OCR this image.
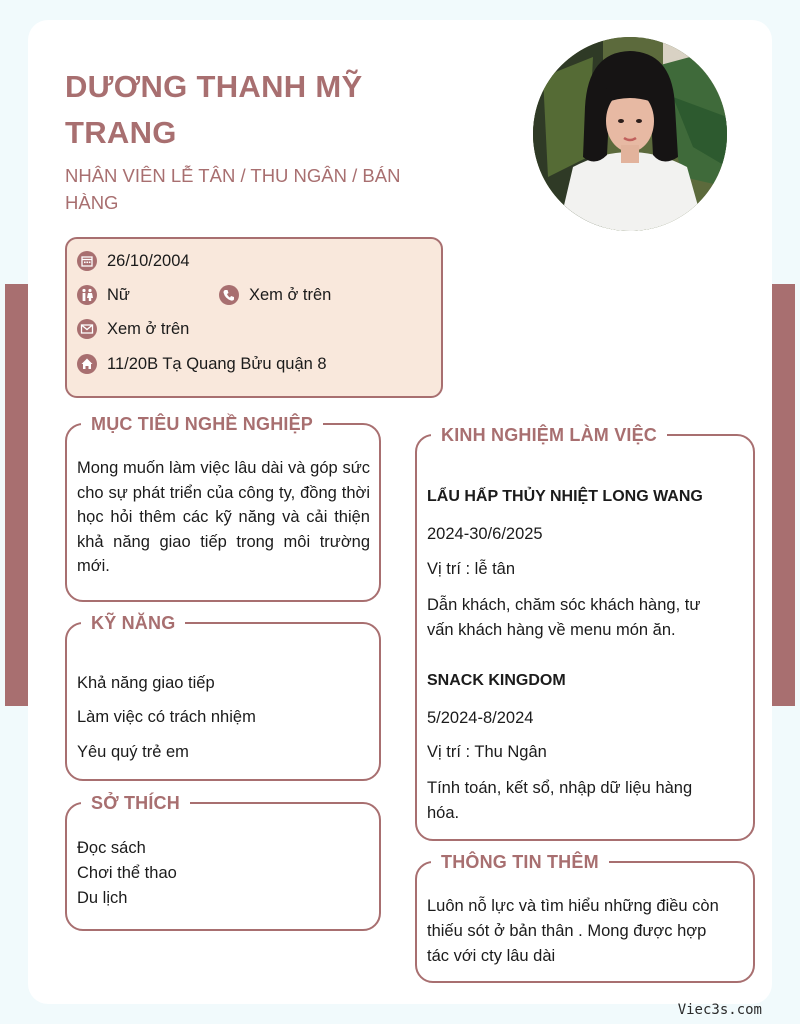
DƯƠNG THANH MỸ TRANG
NHÂN VIÊN LỄ TÂN / THU NGÂN / BÁN HÀNG
26/10/2004
Nữ	Xem ở trên
Xem ở trên
11/20B Tạ Quang Bửu quận 8
MỤC TIÊU NGHỀ NGHIỆP

Mong muốn làm việc lâu dài và góp sức cho sự phát triển của công ty, đồng thời học hỏi thêm các kỹ năng và cải thiện khả năng giao tiếp trong môi trường mới.

KỸ NĂNG
Khả năng giao tiếp
Làm việc có trách nhiệm
Yêu quý trẻ em
SỞ THÍCH
Đọc sách
Chơi thể thao
Du lịch
KINH NGHIỆM LÀM VIỆC
LẨU HẤP THỦY NHIỆT LONG WANG
2024-30/6/2025
Vị trí : lễ tân
Dẫn khách, chăm sóc khách hàng, tư vấn khách hàng về menu món ăn.
SNACK KINGDOM
5/2024-8/2024
Vị trí : Thu Ngân
Tính toán, kết sổ, nhập dữ liệu hàng hóa.
THÔNG TIN THÊM

Luôn nỗ lực và tìm hiểu những điều còn thiếu sót ở bản thân . Mong được hợp tác với cty lâu dài

Viec3s.com
